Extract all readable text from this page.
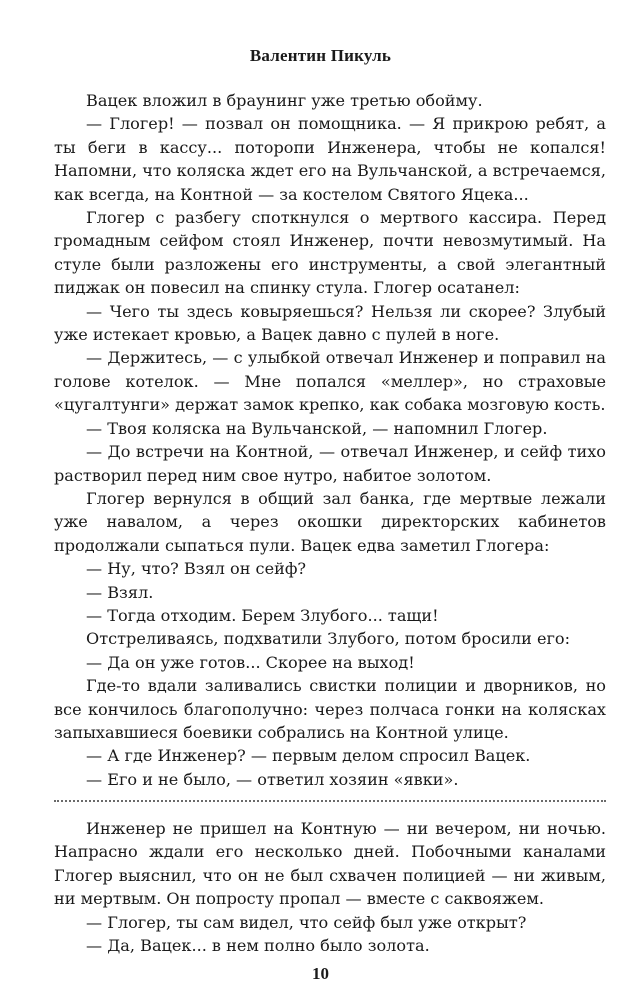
Валентин Пикуль

Вацек вложил в браунинг уже третью обойму.

— Глогер! — позвал он помощника. — Я прикрою ребят, а ты беги в кассу... поторопи Инженера, чтобы не копался! Напомни, что коляска ждет его на Вульчанской, а встречаемся, как всегда, на Контной — за костелом Святого Яцека...

Глогер с разбегу споткнулся о мертвого кассира. Перед громадным сейфом стоял Инженер, почти невозмутимый. На стуле были разложены его инструменты, а свой элегантный пиджак он повесил на спинку стула. Глогер осатанел:

— Чего ты здесь ковыряешься? Нельзя ли скорее? Злубый уже истекает кровью, а Вацек давно с пулей в ноге.

— Держитесь, — с улыбкой отвечал Инженер и поправил на голове котелок. — Мне попался «меллер», но страховые «цугалтунги» держат замок крепко, как собака мозговую кость.

— Твоя коляска на Вульчанской, — напомнил Глогер.

— До встречи на Контной, — отвечал Инженер, и сейф тихо растворил перед ним свое нутро, набитое золотом.

Глогер вернулся в общий зал банка, где мертвые лежали уже навалом, а через окошки директорских кабинетов продолжали сыпаться пули. Вацек едва заметил Глогера:

— Ну, что? Взял он сейф?

— Взял.

— Тогда отходим. Берем Злубого... тащи!

Отстреливаясь, подхватили Злубого, потом бросили его:

— Да он уже готов... Скорее на выход!

Где-то вдали заливались свистки полиции и дворников, но все кончилось благополучно: через полчаса гонки на колясках запыхавшиеся боевики собрались на Контной улице.

— А где Инженер? — первым делом спросил Вацек.

— Его и не было, — ответил хозяин «явки».

Инженер не пришел на Контную — ни вечером, ни ночью. Напрасно ждали его несколько дней. Побочными каналами Глогер выяснил, что он не был схвачен полицией — ни живым, ни мертвым. Он попросту пропал — вместе с саквояжем.

— Глогер, ты сам видел, что сейф был уже открыт?

— Да, Вацек... в нем полно было золота.

10
